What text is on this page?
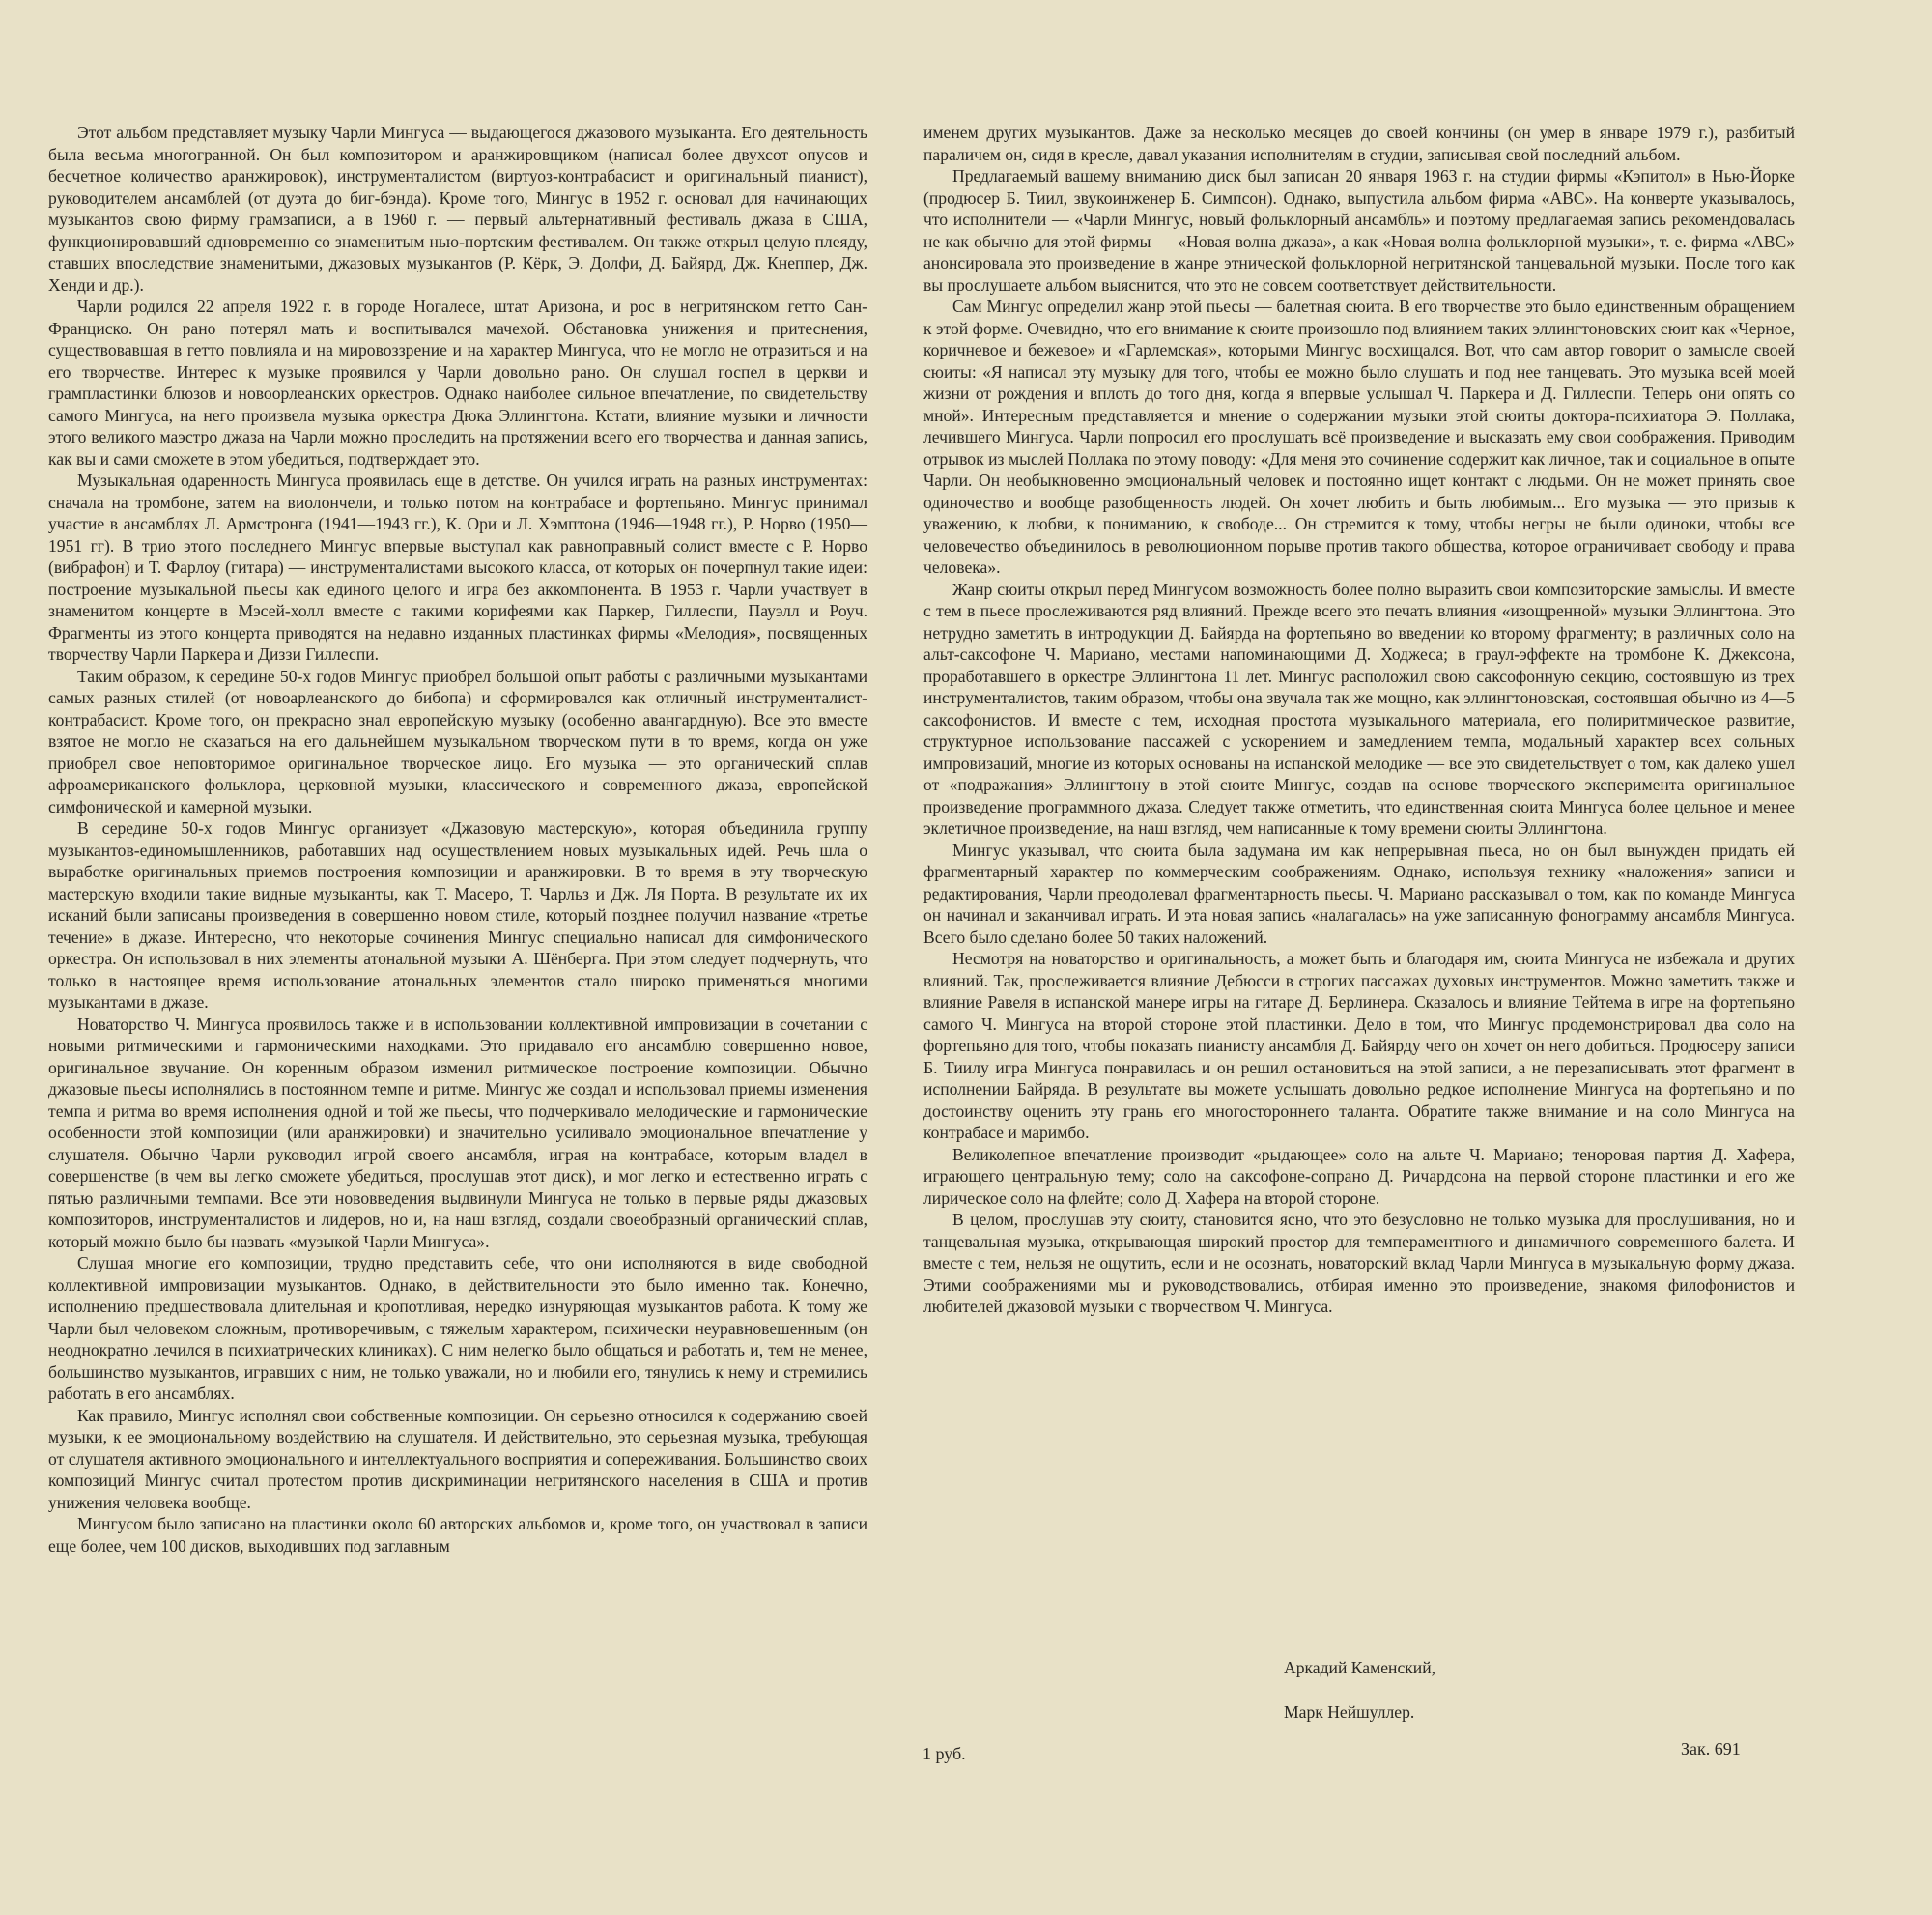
Этот альбом представляет музыку Чарли Мингуса — выдающегося джазового музыканта. Его деятельность была весьма многогранной. Он был композитором и аранжировщиком (написал более двухсот опусов и бесчетное количество аранжировок), инструменталистом (виртуоз-контрабасист и оригинальный пианист), руководителем ансамблей (от дуэта до биг-бэнда). Кроме того, Мингус в 1952 г. основал для начинающих музыкантов свою фирму грамзаписи, а в 1960 г. — первый альтернативный фестиваль джаза в США, функционировавший одновременно со знаменитым нью-портским фестивалем. Он также открыл целую плеяду, ставших впоследствие знаменитыми, джазовых музыкантов (Р. Кёрк, Э. Долфи, Д. Байярд, Дж. Кнеппер, Дж. Хенди и др.).

Чарли родился 22 апреля 1922 г. в городе Ногалесе, штат Аризона, и рос в негритянском гетто Сан-Франциско. Он рано потерял мать и воспитывался мачехой. Обстановка унижения и притеснения, существовавшая в гетто повлияла и на мировоззрение и на характер Мингуса, что не могло не отразиться и на его творчестве. Интерес к музыке проявился у Чарли довольно рано. Он слушал госпел в церкви и грампластинки блюзов и новоорлеанских оркестров. Однако наиболее сильное впечатление, по свидетельству самого Мингуса, на него произвела музыка оркестра Дюка Эллингтона. Кстати, влияние музыки и личности этого великого маэстро джаза на Чарли можно проследить на протяжении всего его творчества и данная запись, как вы и сами сможете в этом убедиться, подтверждает это.

Музыкальная одаренность Мингуса проявилась еще в детстве. Он учился играть на разных инструментах: сначала на тромбоне, затем на виолончели, и только потом на контрабасе и фортепьяно. Мингус принимал участие в ансамблях Л. Армстронга (1941—1943 гг.), К. Ори и Л. Хэмптона (1946—1948 гг.), Р. Норво (1950—1951 гг). В трио этого последнего Мингус впервые выступал как равноправный солист вместе с Р. Норво (вибрафон) и Т. Фарлоу (гитара) — инструменталистами высокого класса, от которых он почерпнул такие идеи: построение музыкальной пьесы как единого целого и игра без аккомпонента. В 1953 г. Чарли участвует в знаменитом концерте в Мэсей-холл вместе с такими корифеями как Паркер, Гиллеспи, Пауэлл и Роуч. Фрагменты из этого концерта приводятся на недавно изданных пластинках фирмы «Мелодия», посвященных творчеству Чарли Паркера и Диззи Гиллеспи.

Таким образом, к середине 50-х годов Мингус приобрел большой опыт работы с различными музыкантами самых разных стилей (от новоарлеанского до бибопа) и сформировался как отличный инструменталист-контрабасист. Кроме того, он прекрасно знал европейскую музыку (особенно авангардную). Все это вместе взятое не могло не сказаться на его дальнейшем музыкальном творческом пути в то время, когда он уже приобрел свое неповторимое оригинальное творческое лицо. Его музыка — это органический сплав афроамериканского фольклора, церковной музыки, классического и современного джаза, европейской симфонической и камерной музыки.

В середине 50-х годов Мингус организует «Джазовую мастерскую», которая объединила группу музыкантов-единомышленников, работавших над осуществлением новых музыкальных идей. Речь шла о выработке оригинальных приемов построения композиции и аранжировки. В то время в эту творческую мастерскую входили такие видные музыканты, как Т. Масеро, Т. Чарльз и Дж. Ля Порта. В результате их их исканий были записаны произведения в совершенно новом стиле, который позднее получил название «третье течение» в джазе. Интересно, что некоторые сочинения Мингус специально написал для симфонического оркестра. Он использовал в них элементы атональной музыки А. Шёнберга. При этом следует подчернуть, что только в настоящее время использование атональных элементов стало широко применяться многими музыкантами в джазе.

Новаторство Ч. Мингуса проявилось также и в использовании коллективной импровизации в сочетании с новыми ритмическими и гармоническими находками. Это придавало его ансамблю совершенно новое, оригинальное звучание. Он коренным образом изменил ритмическое построение композиции. Обычно джазовые пьесы исполнялись в постоянном темпе и ритме. Мингус же создал и использовал приемы изменения темпа и ритма во время исполнения одной и той же пьесы, что подчеркивало мелодические и гармонические особенности этой композиции (или аранжировки) и значительно усиливало эмоциональное впечатление у слушателя. Обычно Чарли руководил игрой своего ансамбля, играя на контрабасе, которым владел в совершенстве (в чем вы легко сможете убедиться, прослушав этот диск), и мог легко и естественно играть с пятью различными темпами. Все эти нововведения выдвинули Мингуса не только в первые ряды джазовых композиторов, инструменталистов и лидеров, но и, на наш взгляд, создали своеобразный органический сплав, который можно было бы назвать «музыкой Чарли Мингуса».

Слушая многие его композиции, трудно представить себе, что они исполняются в виде свободной коллективной импровизации музыкантов. Однако, в действительности это было именно так. Конечно, исполнению предшествовала длительная и кропотливая, нередко изнуряющая музыкантов работа. К тому же Чарли был человеком сложным, противоречивым, с тяжелым характером, психически неуравновешенным (он неоднократно лечился в психиатрических клиниках). С ним нелегко было общаться и работать и, тем не менее, большинство музыкантов, игравших с ним, не только уважали, но и любили его, тянулись к нему и стремились работать в его ансамблях.

Как правило, Мингус исполнял свои собственные композиции. Он серьезно относился к содержанию своей музыки, к ее эмоциональному воздействию на слушателя. И действительно, это серьезная музыка, требующая от слушателя активного эмоционального и интеллектуального восприятия и сопереживания. Большинство своих композиций Мингус считал протестом против дискриминации негритянского населения в США и против унижения человека вообще.

Мингусом было записано на пластинки около 60 авторских альбомов и, кроме того, он участвовал в записи еще более, чем 100 дисков, выходивших под заглавным

именем других музыкантов. Даже за несколько месяцев до своей кончины (он умер в январе 1979 г.), разбитый параличем он, сидя в кресле, давал указания исполнителям в студии, записывая свой последний альбом.

Предлагаемый вашему вниманию диск был записан 20 января 1963 г. на студии фирмы «Кэпитол» в Нью-Йорке (продюсер Б. Тиил, звукоинженер Б. Симпсон). Однако, выпустила альбом фирма «АВС». На конверте указывалось, что исполнители — «Чарли Мингус, новый фольклорный ансамбль» и поэтому предлагаемая запись рекомендовалась не как обычно для этой фирмы — «Новая волна джаза», а как «Новая волна фольклорной музыки», т. е. фирма «АВС» анонсировала это произведение в жанре этнической фольклорной негритянской танцевальной музыки. После того как вы прослушаете альбом выяснится, что это не совсем соответствует действительности.

Сам Мингус определил жанр этой пьесы — балетная сюита. В его творчестве это было единственным обращением к этой форме. Очевидно, что его внимание к сюите произошло под влиянием таких эллингтоновских сюит как «Черное, коричневое и бежевое» и «Гарлемская», которыми Мингус восхищался. Вот, что сам автор говорит о замысле своей сюиты: «Я написал эту музыку для того, чтобы ее можно было слушать и под нее танцевать. Это музыка всей моей жизни от рождения и вплоть до того дня, когда я впервые услышал Ч. Паркера и Д. Гиллеспи. Теперь они опять со мной». Интересным представляется и мнение о содержании музыки этой сюиты доктора-психиатора Э. Поллака, лечившего Мингуса. Чарли попросил его прослушать всё произведение и высказать ему свои соображения. Приводим отрывок из мыслей Поллака по этому поводу: «Для меня это сочинение содержит как личное, так и социальное в опыте Чарли. Он необыкновенно эмоциональный человек и постоянно ищет контакт с людьми. Он не может принять свое одиночество и вообще разобщенность людей. Он хочет любить и быть любимым... Его музыка — это призыв к уважению, к любви, к пониманию, к свободе... Он стремится к тому, чтобы негры не были одиноки, чтобы все человечество объединилось в революционном порыве против такого общества, которое ограничивает свободу и права человека».

Жанр сюиты открыл перед Мингусом возможность более полно выразить свои композиторские замыслы. И вместе с тем в пьесе прослеживаются ряд влияний. Прежде всего это печать влияния «изощренной» музыки Эллингтона. Это нетрудно заметить в интродукции Д. Байярда на фортепьяно во введении ко второму фрагменту; в различных соло на альт-саксофоне Ч. Мариано, местами напоминающими Д. Ходжеса; в граул-эффекте на тромбоне К. Джексона, проработавшего в оркестре Эллингтона 11 лет. Мингус расположил свою саксофонную секцию, состоявшую из трех инструменталистов, таким образом, чтобы она звучала так же мощно, как эллингтоновская, состоявшая обычно из 4—5 саксофонистов. И вместе с тем, исходная простота музыкального материала, его полиритмическое развитие, структурное использование пассажей с ускорением и замедлением темпа, модальный характер всех сольных импровизаций, многие из которых основаны на испанской мелодике — все это свидетельствует о том, как далеко ушел от «подражания» Эллингтону в этой сюите Мингус, создав на основе творческого эксперимента оригинальное произведение программного джаза. Следует также отметить, что единственная сюита Мингуса более цельное и менее эклетичное произведение, на наш взгляд, чем написанные к тому времени сюиты Эллингтона.

Мингус указывал, что сюита была задумана им как непрерывная пьеса, но он был вынужден придать ей фрагментарный характер по коммерческим соображениям. Однако, используя технику «наложения» записи и редактирования, Чарли преодолевал фрагментарность пьесы. Ч. Мариано рассказывал о том, как по команде Мингуса он начинал и заканчивал играть. И эта новая запись «налагалась» на уже записанную фонограмму ансамбля Мингуса. Всего было сделано более 50 таких наложений.

Несмотря на новаторство и оригинальность, а может быть и благодаря им, сюита Мингуса не избежала и других влияний. Так, прослеживается влияние Дебюсси в строгих пассажах духовых инструментов. Можно заметить также и влияние Равеля в испанской манере игры на гитаре Д. Берлинера. Сказалось и влияние Тейтема в игре на фортепьяно самого Ч. Мингуса на второй стороне этой пластинки. Дело в том, что Мингус продемонстрировал два соло на фортепьяно для того, чтобы показать пианисту ансамбля Д. Байярду чего он хочет он него добиться. Продюсеру записи Б. Тиилу игра Мингуса понравилась и он решил остановиться на этой записи, а не перезаписывать этот фрагмент в исполнении Байряда. В результате вы можете услышать довольно редкое исполнение Мингуса на фортепьяно и по достоинству оценить эту грань его многостороннего таланта. Обратите также внимание и на соло Мингуса на контрабасе и маримбо.

Великолепное впечатление производит «рыдающее» соло на альте Ч. Мариано; теноровая партия Д. Хафера, играющего центральную тему; соло на саксофоне-сопрано Д. Ричардсона на первой стороне пластинки и его же лирическое соло на флейте; соло Д. Хафера на второй стороне.

В целом, прослушав эту сюиту, становится ясно, что это безусловно не только музыка для прослушивания, но и танцевальная музыка, открывающая широкий простор для темпераментного и динамичного современного балета. И вместе с тем, нельзя не ощутить, если и не осознать, новаторский вклад Чарли Мингуса в музыкальную форму джаза. Этими соображениями мы и руководствовались, отбирая именно это произведение, знакомя филофонистов и любителей джазовой музыки с творчеством Ч. Мингуса.

Аркадий Каменский,
Марк Нейшуллер.
1 руб.	Зак. 691
